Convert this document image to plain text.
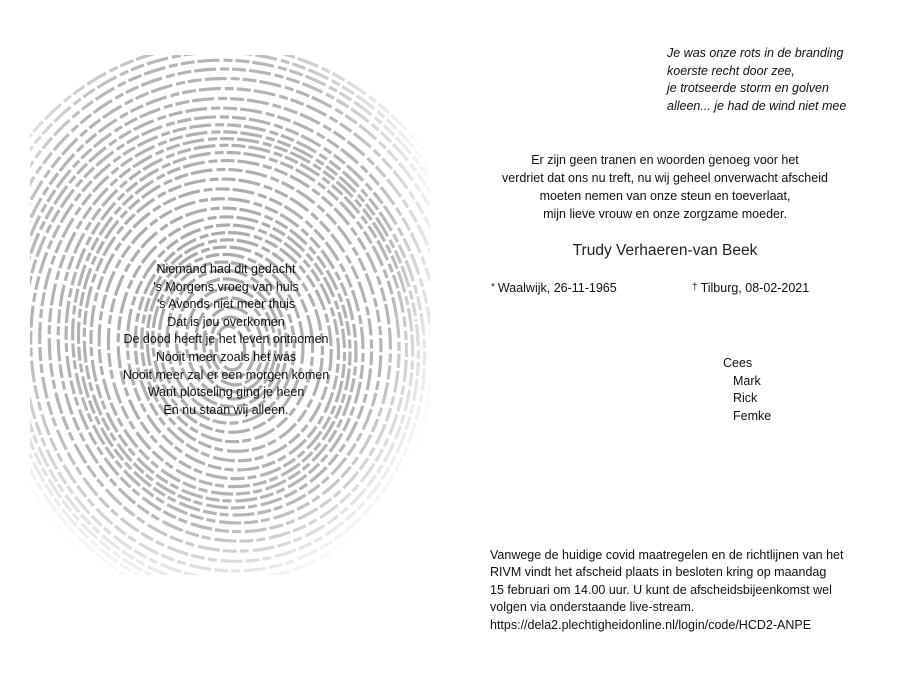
Je was onze rots in de branding
koerste recht door zee,
je trotseerde storm en golven
alleen... je had de wind niet mee
Er zijn geen tranen en woorden genoeg voor het
verdriet dat ons nu treft, nu wij geheel onverwacht afscheid
moeten nemen van onze steun en toeverlaat,
mijn lieve vrouw en onze zorgzame moeder.
Trudy Verhaeren-van Beek
* Waalwijk, 26-11-1965	† Tilburg, 08-02-2021
Cees
Mark
Rick
Femke
Niemand had dit gedacht
's Morgens vroeg van huis
's Avonds niet meer thuis
Dat is jou overkomen
De dood heeft je het leven ontnomen
Nooit meer zoals het was
Nooit meer zal er een morgen komen
Want plotseling ging je heen
En nu staan wij alleen.
Vanwege de huidige covid maatregelen en de richtlijnen van het
RIVM vindt het afscheid plaats in besloten kring op maandag
15 februari om 14.00 uur. U kunt de afscheidsbijeenkomst wel
volgen via onderstaande live-stream.
https://dela2.plechtigheidonline.nl/login/code/HCD2-ANPE
